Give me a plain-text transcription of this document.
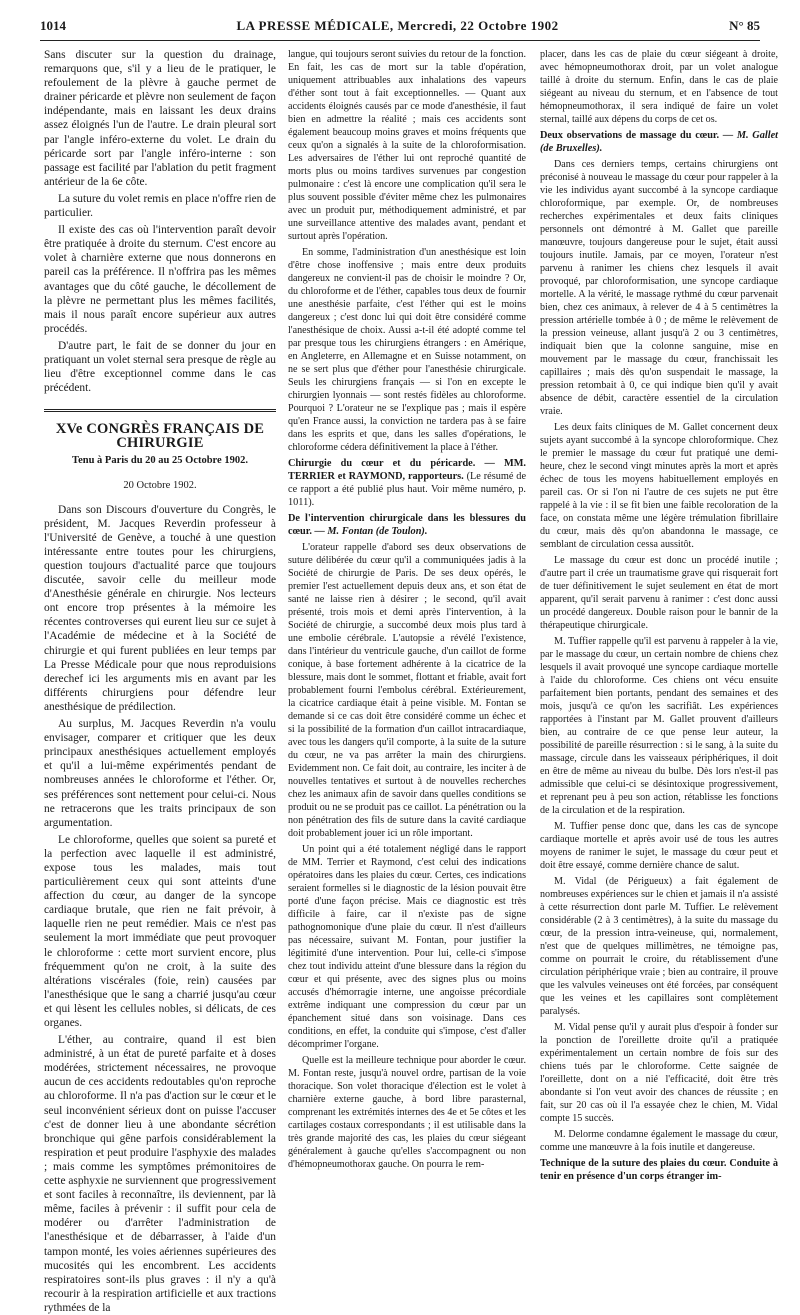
1014	LA PRESSE MÉDICALE, Mercredi, 22 Octobre 1902	N° 85

Sans discuter sur la question du drainage, remarquons que, s'il y a lieu de le pratiquer, le refoulement de la plèvre à gauche permet de drainer péricarde et plèvre non seulement de façon indépendante, mais en laissant les deux drains assez éloignés l'un de l'autre. Le drain pleural sort par l'angle inféro-externe du volet. Le drain du péricarde sort par l'angle inféro-interne : son passage est facilité par l'ablation du petit fragment antérieur de la 6e côte.

La suture du volet remis en place n'offre rien de particulier.

Il existe des cas où l'intervention paraît devoir être pratiquée à droite du sternum. C'est encore au volet à charnière externe que nous donnerons en pareil cas la préférence. Il n'offrira pas les mêmes avantages que du côté gauche, le décollement de la plèvre ne permettant plus les mêmes facilités, mais il nous paraît encore supérieur aux autres procédés.

D'autre part, le fait de se donner du jour en pratiquant un volet sternal sera presque de règle au lieu d'être exceptionnel comme dans le cas précédent.

XVe CONGRÈS FRANÇAIS DE CHIRURGIE
Tenu à Paris du 20 au 25 Octobre 1902.
20 Octobre 1902.

Dans son Discours d'ouverture du Congrès, le président, M. Jacques Reverdin professeur à l'Université de Genève, a touché à une question intéressante entre toutes pour les chirurgiens, question toujours d'actualité parce que toujours discutée, savoir celle du meilleur mode d'Anesthésie générale en chirurgie. Nos lecteurs ont encore trop présentes à la mémoire les récentes controverses qui eurent lieu sur ce sujet à l'Académie de médecine et à la Société de chirurgie et qui furent publiées en leur temps par La Presse Médicale pour que nous reproduisions derechef ici les arguments mis en avant par les différents chirurgiens pour défendre leur anesthésique de prédilection.

Au surplus, M. Jacques Reverdin n'a voulu envisager, comparer et critiquer que les deux principaux anesthésiques actuellement employés et qu'il a lui-même expérimentés pendant de nombreuses années le chloroforme et l'éther. Or, ses préférences sont nettement pour celui-ci. Nous ne retracerons que les traits principaux de son argumentation.

Le chloroforme, quelles que soient sa pureté et la perfection avec laquelle il est administré, expose tous les malades, mais tout particulièrement ceux qui sont atteints d'une affection du cœur, au danger de la syncope cardiaque brutale, que rien ne fait prévoir, à laquelle rien ne peut remédier. Mais ce n'est pas seulement la mort immédiate que peut provoquer le chloroforme : cette mort survient encore, plus fréquemment qu'on ne croit, à la suite des altérations viscérales (foie, rein) causées par l'anesthésique que le sang a charrié jusqu'au cœur et qui lèsent les cellules nobles, si délicats, de ces organes.

L'éther, au contraire, quand il est bien administré, à un état de pureté parfaite et à doses modérées, strictement nécessaires, ne provoque aucun de ces accidents redoutables qu'on reproche au chloroforme. Il n'a pas d'action sur le cœur et le seul inconvénient sérieux dont on puisse l'accuser c'est de donner lieu à une abondante sécrétion bronchique qui gêne parfois considérablement la respiration et peut produire l'asphyxie des malades ; mais comme les symptômes prémonitoires de cette asphyxie ne surviennent que progressivement et sont faciles à reconnaître, ils deviennent, par là même, faciles à prévenir : il suffit pour cela de modérer ou d'arrêter l'administration de l'anesthésique et de débarrasser, à l'aide d'un tampon monté, les voies aériennes supérieures des mucosités qui les encombrent. Les accidents respiratoires sont-ils plus graves : il n'y a qu'à recourir à la respiration artificielle et aux tractions rythmées de la

langue, qui toujours seront suivies du retour de la fonction. En fait, les cas de mort sur la table d'opération, uniquement attribuables aux inhalations des vapeurs d'éther sont tout à fait exceptionnelles. — Quant aux accidents éloignés causés par ce mode d'anesthésie, il faut bien en admettre la réalité ; mais ces accidents sont également beaucoup moins graves et moins fréquents que ceux qu'on a signalés à la suite de la chloroformisation. Les adversaires de l'éther lui ont reproché quantité de morts plus ou moins tardives survenues par congestion pulmonaire : c'est là encore une complication qu'il sera le plus souvent possible d'éviter même chez les pulmonaires avec un produit pur, méthodiquement administré, et par une surveillance attentive des malades avant, pendant et surtout après l'opération.

En somme, l'administration d'un anesthésique est loin d'être chose inoffensive ; mais entre deux produits dangereux ne convient-il pas de choisir le moindre ? Or, du chloroforme et de l'éther, capables tous deux de fournir une anesthésie parfaite, c'est l'éther qui est le moins dangereux ; c'est donc lui qui doit être considéré comme l'anesthésique de choix. Aussi a-t-il été adopté comme tel par presque tous les chirurgiens étrangers : en Amérique, en Angleterre, en Allemagne et en Suisse notamment, on ne se sert plus que d'éther pour l'anesthésie chirurgicale. Seuls les chirurgiens français — si l'on en excepte le chirurgien lyonnais — sont restés fidèles au chloroforme. Pourquoi ? L'orateur ne se l'explique pas ; mais il espère qu'en France aussi, la conviction ne tardera pas à se faire dans les esprits et que, dans les salles d'opérations, le chloroforme cédera définitivement la place à l'éther.

Chirurgie du cœur et du péricarde. — MM. TERRIER et RAYMOND, rapporteurs. (Le résumé de ce rapport a été publié plus haut. Voir même numéro, p. 1011).

De l'intervention chirurgicale dans les blessures du cœur. — M. Fontan (de Toulon).

L'orateur rappelle d'abord ses deux observations de suture délibérée du cœur qu'il a communiquées jadis à la Société de chirurgie de Paris. De ses deux opérés, le premier l'est actuellement depuis deux ans, et son état de santé ne laisse rien à désirer ; le second, qu'il avait présenté, trois mois et demi après l'intervention, à la Société de chirurgie, a succombé deux mois plus tard à une embolie cérébrale. L'autopsie a révélé l'existence, dans l'intérieur du ventricule gauche, d'un caillot de forme conique, à base fortement adhérente à la cicatrice de la blessure, mais dont le sommet, flottant et friable, avait fort probablement fourni l'embolus cérébral. Extérieurement, la cicatrice cardiaque était à peine visible. M. Fontan se demande si ce cas doit être considéré comme un échec et si la possibilité de la formation d'un caillot intracardiaque, avec tous les dangers qu'il comporte, à la suite de la suture du cœur, ne va pas arrêter la main des chirurgiens. Evidemment non. Ce fait doit, au contraire, les inciter à de nouvelles tentatives et surtout à de nouvelles recherches chez les animaux afin de savoir dans quelles conditions se produit ou ne se produit pas ce caillot. La pénétration ou la non pénétration des fils de suture dans la cavité cardiaque doit probablement jouer ici un rôle important.

Un point qui a été totalement négligé dans le rapport de MM. Terrier et Raymond, c'est celui des indications opératoires dans les plaies du cœur. Certes, ces indications seraient formelles si le diagnostic de la lésion pouvait être porté d'une façon précise. Mais ce diagnostic est très difficile à faire, car il n'existe pas de signe pathognomonique d'une plaie du cœur. Il n'est d'ailleurs pas nécessaire, suivant M. Fontan, pour justifier la légitimité d'une intervention. Pour lui, celle-ci s'impose chez tout individu atteint d'une blessure dans la région du cœur et qui présente, avec des signes plus ou moins accusés d'hémorragie interne, une angoisse précordiale extrême indiquant une compression du cœur par un épanchement situé dans son voisinage. Dans ces conditions, en effet, la conduite qui s'impose, c'est d'aller décomprimer l'organe.

Quelle est la meilleure technique pour aborder le cœur. M. Fontan reste, jusqu'à nouvel ordre, partisan de la voie thoracique. Son volet thoracique d'élection est le volet à charnière externe gauche, à bord libre parasternal, comprenant les extrémités internes des 4e et 5e côtes et les cartilages costaux correspondants ; il est utilisable dans la très grande majorité des cas, les plaies du cœur siégeant généralement à gauche qu'elles s'accompagnent ou non d'hémopneumothorax gauche. On pourra le rem-

placer, dans les cas de plaie du cœur siégeant à droite, avec hémopneumothorax droit, par un volet analogue taillé à droite du sternum. Enfin, dans le cas de plaie siégeant au niveau du sternum, et en l'absence de tout hémopneumothorax, il sera indiqué de faire un volet sternal, taillé aux dépens du corps de cet os.

Deux observations de massage du cœur. — M. Gallet (de Bruxelles).

Dans ces derniers temps, certains chirurgiens ont préconisé à nouveau le massage du cœur pour rappeler à la vie les individus ayant succombé à la syncope cardiaque chloroformique, par exemple. Or, de nombreuses recherches expérimentales et deux faits cliniques personnels ont démontré à M. Gallet que pareille manœuvre, toujours dangereuse pour le sujet, était aussi toujours inutile. Jamais, par ce moyen, l'orateur n'est parvenu à ranimer les chiens chez lesquels il avait provoqué, par chloroformisation, une syncope cardiaque mortelle. A la vérité, le massage rythmé du cœur parvenait bien, chez ces animaux, à relever de 4 à 5 centimètres la pression artérielle tombée à 0 ; de même le relèvement de la pression veineuse, allant jusqu'à 2 ou 3 centimètres, indiquait bien que la colonne sanguine, mise en mouvement par le massage du cœur, franchissait les capillaires ; mais dès qu'on suspendait le massage, la pression retombait à 0, ce qui indique bien qu'il y avait absence de débit, caractère essentiel de la circulation vraie.

Les deux faits cliniques de M. Gallet concernent deux sujets ayant succombé à la syncope chloroformique. Chez le premier le massage du cœur fut pratiqué une demi-heure, chez le second vingt minutes après la mort et après échec de tous les moyens habituellement employés en pareil cas. Or si l'on ni l'autre de ces sujets ne put être rappelé à la vie : il se fit bien une faible recoloration de la face, on constata même une légère trémulation fibrillaire du cœur, mais dès qu'on abandonna le massage, ce semblant de circulation cessa aussitôt.

Le massage du cœur est donc un procédé inutile ; d'autre part il crée un traumatisme grave qui risquerait fort de tuer définitivement le sujet seulement en état de mort apparent, qu'il serait parvenu à ranimer : c'est donc aussi un procédé dangereux. Double raison pour le bannir de la thérapeutique chirurgicale.

M. Tuffier rappelle qu'il est parvenu à rappeler à la vie, par le massage du cœur, un certain nombre de chiens chez lesquels il avait provoqué une syncope cardiaque mortelle à l'aide du chloroforme. Ces chiens ont vécu ensuite parfaitement bien portants, pendant des semaines et des mois, jusqu'à ce qu'on les sacrifiât. Les expériences rapportées à l'instant par M. Gallet prouvent d'ailleurs bien, au contraire de ce que pense leur auteur, la possibilité de pareille résurrection : si le sang, à la suite du massage, circule dans les vaisseaux périphériques, il doit en être de même au niveau du bulbe. Dès lors n'est-il pas admissible que celui-ci se désintoxique progressivement, et reprenant peu à peu son action, rétablisse les fonctions de la circulation et de la respiration.

M. Tuffier pense donc que, dans les cas de syncope cardiaque mortelle et après avoir usé de tous les autres moyens de ranimer le sujet, le massage du cœur peut et doit être essayé, comme dernière chance de salut.

M. Vidal (de Périgueux) a fait également de nombreuses expériences sur le chien et jamais il n'a assisté à cette résurrection dont parle M. Tuffier. Le relèvement considérable (2 à 3 centimètres), à la suite du massage du cœur, de la pression intra-veineuse, qui, normalement, n'est que de quelques millimètres, ne témoigne pas, comme on pourrait le croire, du rétablissement d'une circulation périphérique vraie ; bien au contraire, il prouve que les valvules veineuses ont été forcées, par conséquent que les veines et les capillaires sont complètement paralysés.

M. Vidal pense qu'il y aurait plus d'espoir à fonder sur la ponction de l'oreillette droite qu'il a pratiquée expérimentalement un certain nombre de fois sur des chiens tués par le chloroforme. Cette saignée de l'oreillette, dont on a nié l'efficacité, doit être très abondante si l'on veut avoir des chances de réussite ; en fait, sur 20 cas où il l'a essayée chez le chien, M. Vidal compte 15 succès.

M. Delorme condamne également le massage du cœur, comme une manœuvre à la fois inutile et dangereuse.

Technique de la suture des plaies du cœur. Conduite à tenir en présence d'un corps étranger im-
